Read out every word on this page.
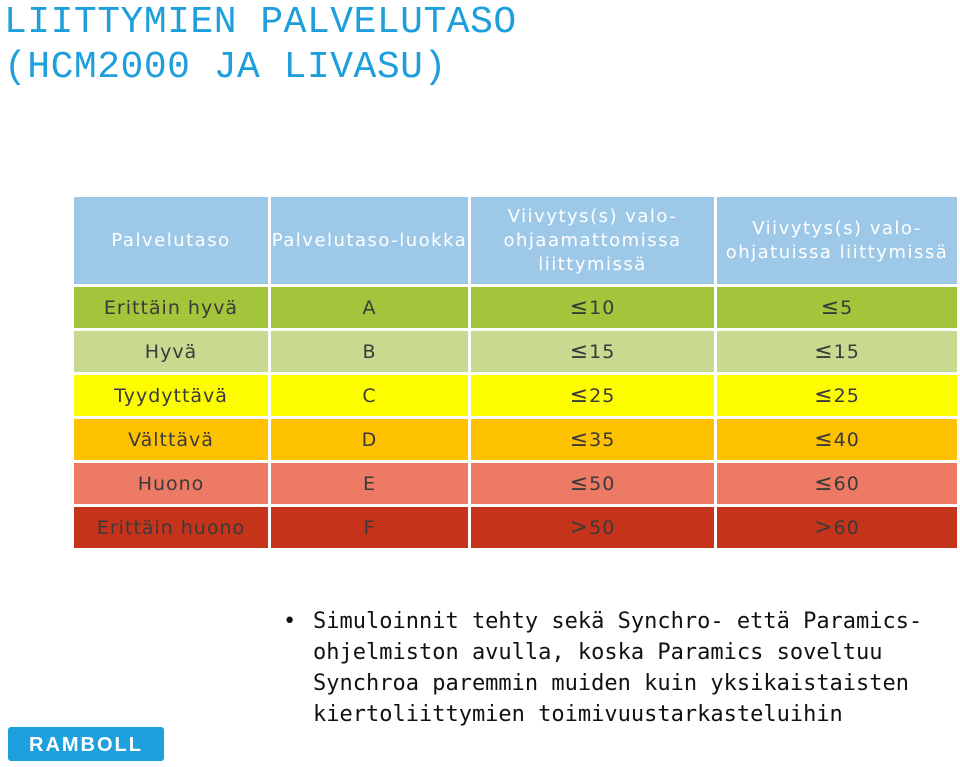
LIITTYMIEN PALVELUTASO
(HCM2000 JA LIVASU)
Palvelutaso	Palvelutaso-luokka	Viivytys(s) valo-ohjaamattomissa liittymissä	Viivytys(s) valo-ohjatuissa liittymissä
Erittäin hyvä	A	≤10	≤5
Hyvä	B	≤15	≤15
Tyydyttävä	C	≤25	≤25
Välttävä	D	≤35	≤40
Huono	E	≤50	≤60
Erittäin huono	F	>50	>60
• Simuloinnit tehty sekä Synchro- että Paramics-ohjelmiston avulla, koska Paramics soveltuu Synchroa paremmin muiden kuin yksikaistaisten kiertoliittymien toimivuustarkasteluihin
RAMBOLL
